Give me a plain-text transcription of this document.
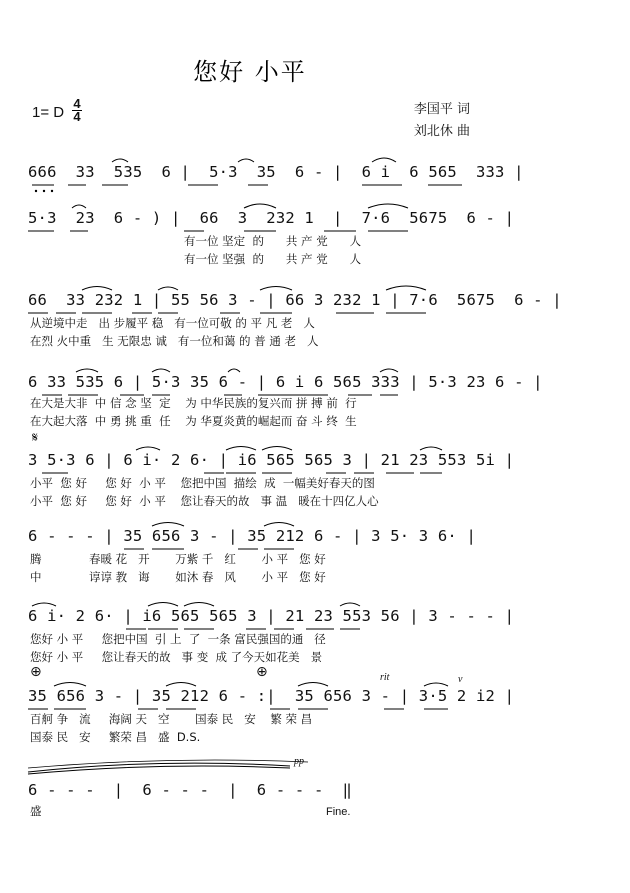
您好 小平
1= D
4
4	李国平 词
刘北休 曲
666  33  535  6 |  5·3  35  6 - |  6 i  6 565  333 |
5·3  23  6 - ) |  66  3  232 1  |  7·6  5675  6 - |
有一位 坚定  的      共 产 党      人
有一位 坚强  的      共 产 党      人
66  33 232 1 | 55 56 3 - | 66 3 232 1 | 7·6  5675  6 - |
从逆境中走   出 步履平 稳   有一位可敬 的 平 凡 老   人
在烈 火中重   生 无限忠 诚   有一位和蔼 的 普 通 老   人
6 33 535 6 | 5·3 35 6 - | 6 i 6 565 333 | 5·3 23 6 - |
在大是大非  中 信 念 坚  定    为 中华民族的复兴而 拼 搏 前  行
在大起大落  中 勇 挑 重  任    为 华夏炎黄的崛起而 奋 斗 终  生
𝄋
3 5·3 6 | 6 i· 2 6· | i6 565 565 3 | 21 23 553 5i |
小平  您 好     您 好  小 平    您把中国  描绘  成  一幅美好春天的图
小平  您 好     您 好  小 平    您让春天的故   事 温   暖在十四亿人心
6 - - - | 35 656 3 - | 35 212 6 - | 3 5· 3 6· |
腾             春暖 花   开       万紫 千   红       小 平   您 好
中             谆谆 教   诲       如沐 春   风       小 平   您 好
6 i· 2 6· | i6 565 565 3 | 21 23 553 56 | 3 - - - |
您好 小 平     您把中国  引 上  了  一条 富民强国的通   径
您好 小 平     您让春天的故   事 变  成 了今天如花美   景
⊕	⊕	rit	v
35 656 3 - | 35 212 6 - :|  35 656 3 - | 3·5 2 i2 |
百舸 争   流     海阔 天   空       国泰 民   安    繁 荣 昌
国泰 民   安     繁荣 昌   盛  D.S.
pp
6 - - -  |  6 - - -  |  6 - - -  ‖
盛	Fine.
